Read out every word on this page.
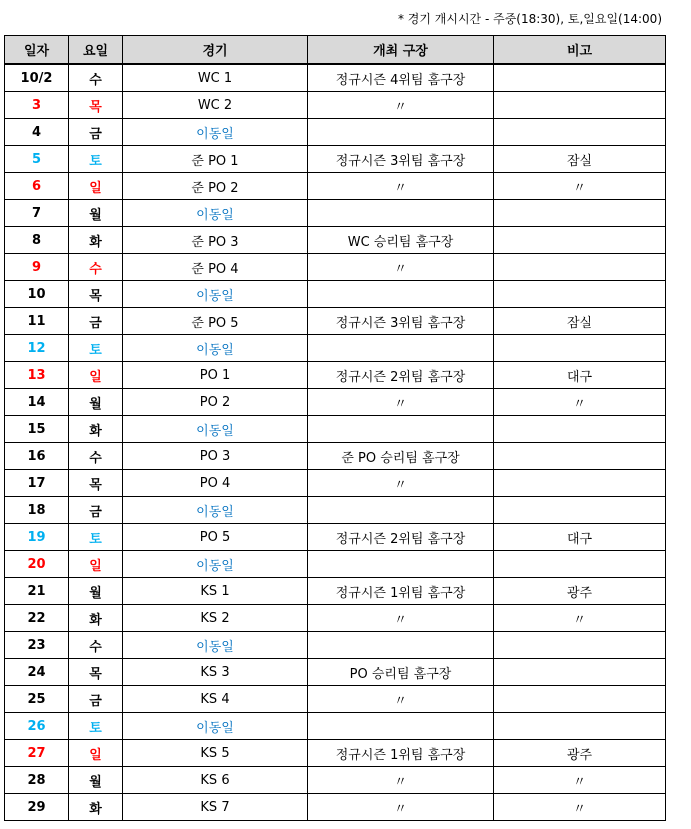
* 경기 개시시간 - 주중(18:30), 토,일요일(14:00)
일자	요일	경기	개최 구장	비고
10/2	수	WC 1	정규시즌 4위팀 홈구장	
3	목	WC 2	〃	
4	금	이동일		
5	토	준 PO 1	정규시즌 3위팀 홈구장	잠실
6	일	준 PO 2	〃	〃
7	월	이동일		
8	화	준 PO 3	WC 승리팀 홈구장	
9	수	준 PO 4	〃	
10	목	이동일		
11	금	준 PO 5	정규시즌 3위팀 홈구장	잠실
12	토	이동일		
13	일	PO 1	정규시즌 2위팀 홈구장	대구
14	월	PO 2	〃	〃
15	화	이동일		
16	수	PO 3	준 PO 승리팀 홈구장	
17	목	PO 4	〃	
18	금	이동일		
19	토	PO 5	정규시즌 2위팀 홈구장	대구
20	일	이동일		
21	월	KS 1	정규시즌 1위팀 홈구장	광주
22	화	KS 2	〃	〃
23	수	이동일		
24	목	KS 3	PO 승리팀 홈구장	
25	금	KS 4	〃	
26	토	이동일		
27	일	KS 5	정규시즌 1위팀 홈구장	광주
28	월	KS 6	〃	〃
29	화	KS 7	〃	〃
